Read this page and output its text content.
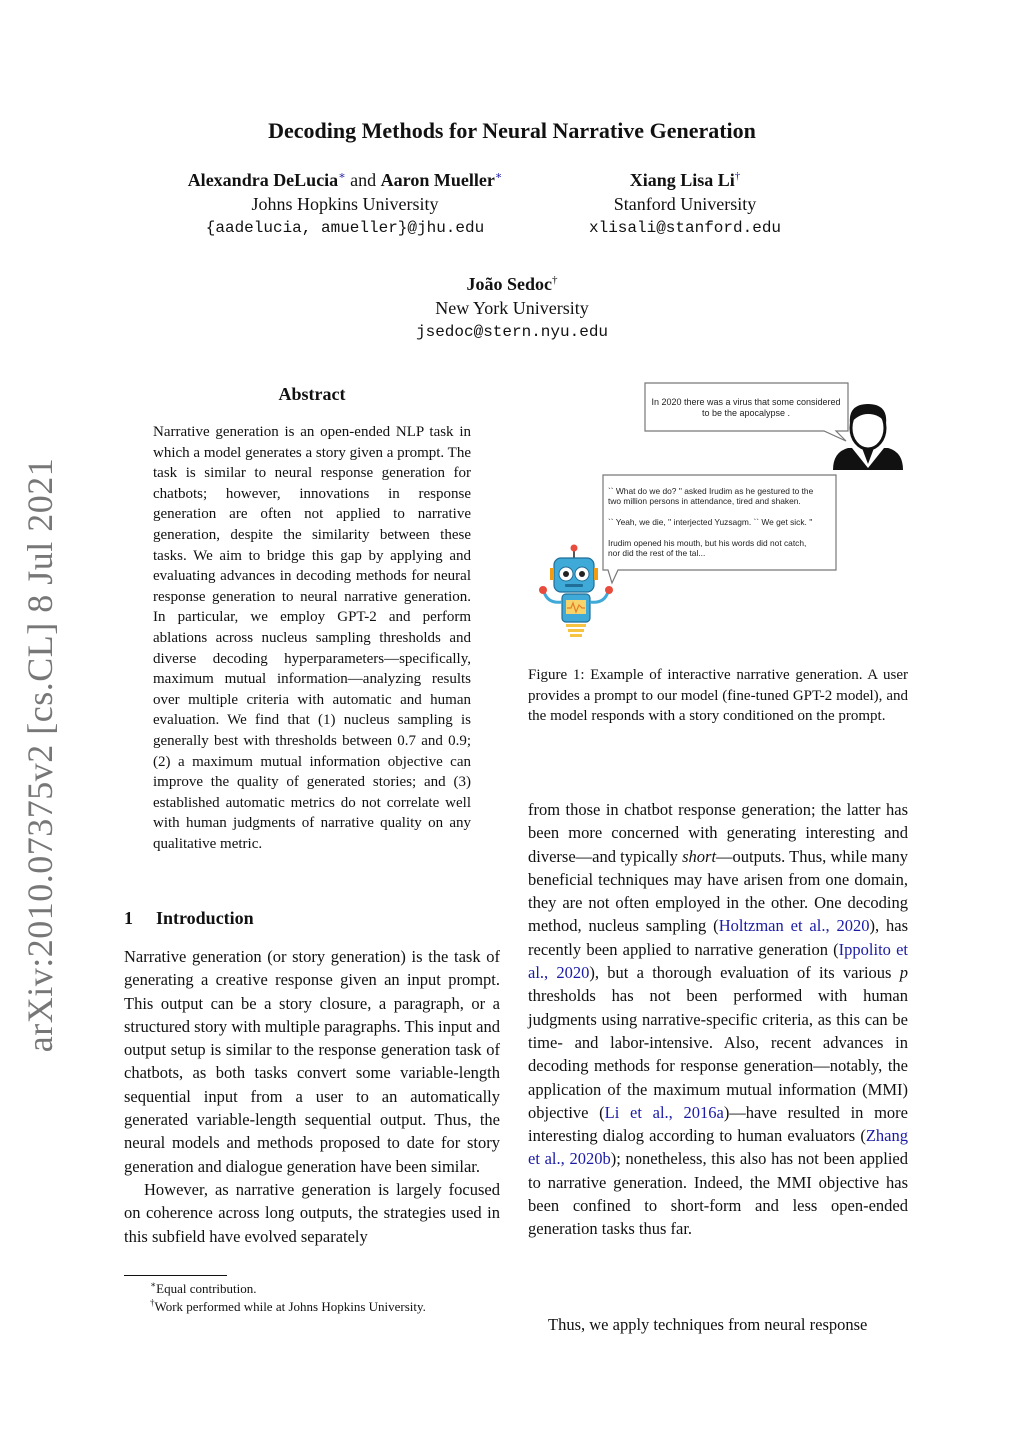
arXiv:2010.07375v2 [cs.CL] 8 Jul 2021
Decoding Methods for Neural Narrative Generation
Alexandra DeLucia∗ and Aaron Mueller∗
Johns Hopkins University
{aadelucia, amueller}@jhu.edu
Xiang Lisa Li†
Stanford University
xlisali@stanford.edu
João Sedoc†
New York University
jsedoc@stern.nyu.edu
Abstract
Narrative generation is an open-ended NLP task in which a model generates a story given a prompt. The task is similar to neural response generation for chatbots; however, innovations in response generation are often not applied to narrative generation, despite the similarity between these tasks. We aim to bridge this gap by applying and evaluating advances in decoding methods for neural response generation to neural narrative generation. In particular, we employ GPT-2 and perform ablations across nucleus sampling thresholds and diverse decoding hyperparameters—specifically, maximum mutual information—analyzing results over multiple criteria with automatic and human evaluation. We find that (1) nucleus sampling is generally best with thresholds between 0.7 and 0.9; (2) a maximum mutual information objective can improve the quality of generated stories; and (3) established automatic metrics do not correlate well with human judgments of narrative quality on any qualitative metric.
1 Introduction

Narrative generation (or story generation) is the task of generating a creative response given an input prompt. This output can be a story closure, a paragraph, or a structured story with multiple paragraphs. This input and output setup is similar to the response generation task of chatbots, as both tasks convert some variable-length sequential input from a user to an automatically generated variable-length sequential output. Thus, the neural models and methods proposed to date for story generation and dialogue generation have been similar.

However, as narrative generation is largely focused on coherence across long outputs, the strategies used in this subfield have evolved separately

∗Equal contribution.
†Work performed while at Johns Hopkins University.
In 2020 there was a virus that some considered
to be the apocalypse .
`` What do we do? '' asked Irudim as he gestured to the
two million persons in attendance, tired and shaken.
`` Yeah, we die, '' interjected Yuzsagm. `` We get sick. ''
Irudim opened his mouth, but his words did not catch,
nor did the rest of the tal...
Figure 1: Example of interactive narrative generation. A user provides a prompt to our model (fine-tuned GPT-2 model), and the model responds with a story conditioned on the prompt.

from those in chatbot response generation; the latter has been more concerned with generating interesting and diverse—and typically short—outputs. Thus, while many beneficial techniques may have arisen from one domain, they are not often employed in the other. One decoding method, nucleus sampling (Holtzman et al., 2020), has recently been applied to narrative generation (Ippolito et al., 2020), but a thorough evaluation of its various p thresholds has not been performed with human judgments using narrative-specific criteria, as this can be time- and labor-intensive. Also, recent advances in decoding methods for response generation—notably, the application of the maximum mutual information (MMI) objective (Li et al., 2016a)—have resulted in more interesting dialog according to human evaluators (Zhang et al., 2020b); nonetheless, this also has not been applied to narrative generation. Indeed, the MMI objective has been confined to short-form and less open-ended generation tasks thus far.

Thus, we apply techniques from neural response
